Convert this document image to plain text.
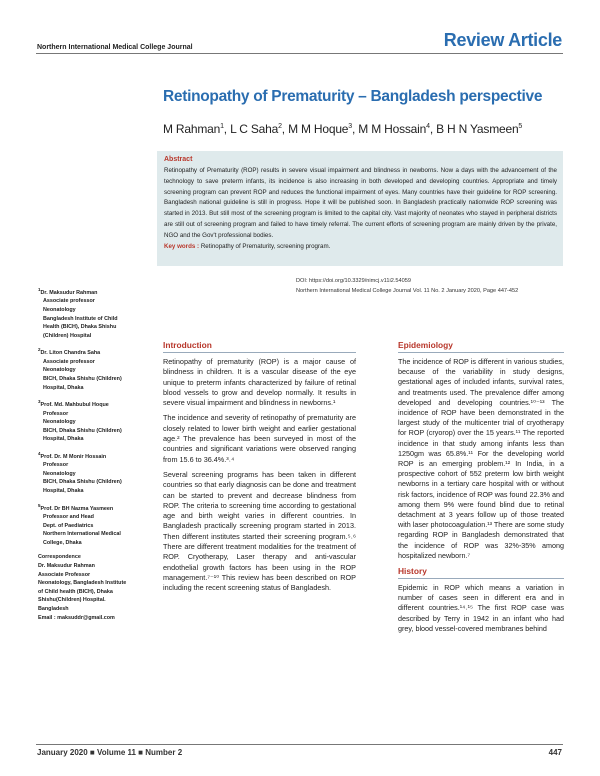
Northern International Medical College Journal	Review Article
Retinopathy of Prematurity – Bangladesh perspective
M Rahman$^1$, L C Saha$^2$, M M Hoque$^3$, M M Hossain$^4$, B H N Yasmeen$^5$
Abstract
Retinopathy of Prematurity (ROP) results in severe visual impairment and blindness in newborns. Now a days with the advancement of the technology to save preterm infants, its incidence is also increasing in both developed and developing countries. Appropriate and timely screening program can prevent ROP and reduces the functional impairment of eyes. Many countries have their guideline for ROP screening. Bangladesh national guideline is still in progress. Hope it will be published soon. In Bangladesh practically nationwide ROP screening was started in 2013. But still most of the screening program is limited to the capital city. Vast majority of neonates who stayed in peripheral districts are still out of screening program and failed to have timely referral. The current efforts of screening program are mainly driven by the private, NGO and the Gov't professional bodies.
Key words : Retinopathy of Prematurity, screening program.
DOI: https://doi.org/10.3329/nimcj.v11i2.54059
Northern International Medical College Journal Vol. 11 No. 2 January 2020, Page 447-452
$^1$Dr. Maksudur Rahman
Associate professor
Neonatology
Bangladesh Institute of Child
Health (BICH), Dhaka Shishu
(Children) Hospital
$^2$Dr. Liton Chandra Saha
Associate professor
Neonatology
BICH, Dhaka Shishu (Children)
Hospital, Dhaka
$^3$Prof. Md. Mahbubul Hoque
Professor
Neonatology
BICH, Dhaka Shishu (Children)
Hospital, Dhaka
$^4$Prof. Dr. M Monir Hossain
Professor
Neonatology
BICH, Dhaka Shishu (Children)
Hospital, Dhaka
$^5$Prof. Dr BH Nazma Yasmeen
Professor and Head
Dept. of Paediatrics
Northern International Medical
College, Dhaka
Correspondence
Dr. Maksudur Rahman
Associate Professor
Neonatology, Bangladesh Institute
of Child health (BICH), Dhaka
Shishu(Children) Hospital.
Bangladesh
Email : maksuddr@gmail.com
Introduction
Retinopathy of prematurity (ROP) is a major cause of blindness in children. It is a vascular disease of the eye unique to preterm infants characterized by failure of retinal blood vessels to grow and develop normally. It results in severe visual impairment and blindness in newborns.¹
The incidence and severity of retinopathy of prematurity are closely related to lower birth weight and earlier gestational age.² The prevalence has been surveyed in most of the countries and significant variations were observed ranging from 15.6 to 36.4%.³˒⁴
Several screening programs has been taken in different countries so that early diagnosis can be done and treatment can be started to prevent and decrease blindness from ROP. The criteria to screening time according to gestational age and birth weight varies in different countries. In Bangladesh practically screening program started in 2013. Then different institutes started their screening program.⁵˒⁶ There are different treatment modalities for the treatment of ROP. Cryotherapy, Laser therapy and anti-vascular endothelial growth factors has been using in the ROP management.⁷⁻¹⁰ This review has been described on ROP including the recent screening status of Bangladesh.
Epidemiology
The incidence of ROP is different in various studies, because of the variability in study designs, gestational ages of included infants, survival rates, and treatments used. The prevalence differ among developed and developing countries.¹⁰⁻¹³ The incidence of ROP have been demonstrated in the largest study of the multicenter trial of cryotherapy for ROP (cryorop) over the 15 years.¹¹ The reported incidence in that study among infants less than 1250gm was 65.8%.¹¹ For the developing world ROP is an emerging problem.¹² In India, in a prospective cohort of 552 preterm low birth weight newborns in a tertiary care hospital with or without risk factors, incidence of ROP was found 22.3% and among them 9% were found blind due to retinal detachment at 3 years follow up of those treated with laser photocoagulation.¹³ There are some study regarding ROP in Bangladesh demonstrated that the incidence of ROP was 32%-35% among hospitalized newborn.⁷
History
Epidemic in ROP which means a variation in number of cases seen in different era and in different countries.¹⁴˒¹⁵ The first ROP case was described by Terry in 1942 in an infant who had grey, blood vessel-covered membranes behind
January 2020 ■ Volume 11 ■ Number 2	447
